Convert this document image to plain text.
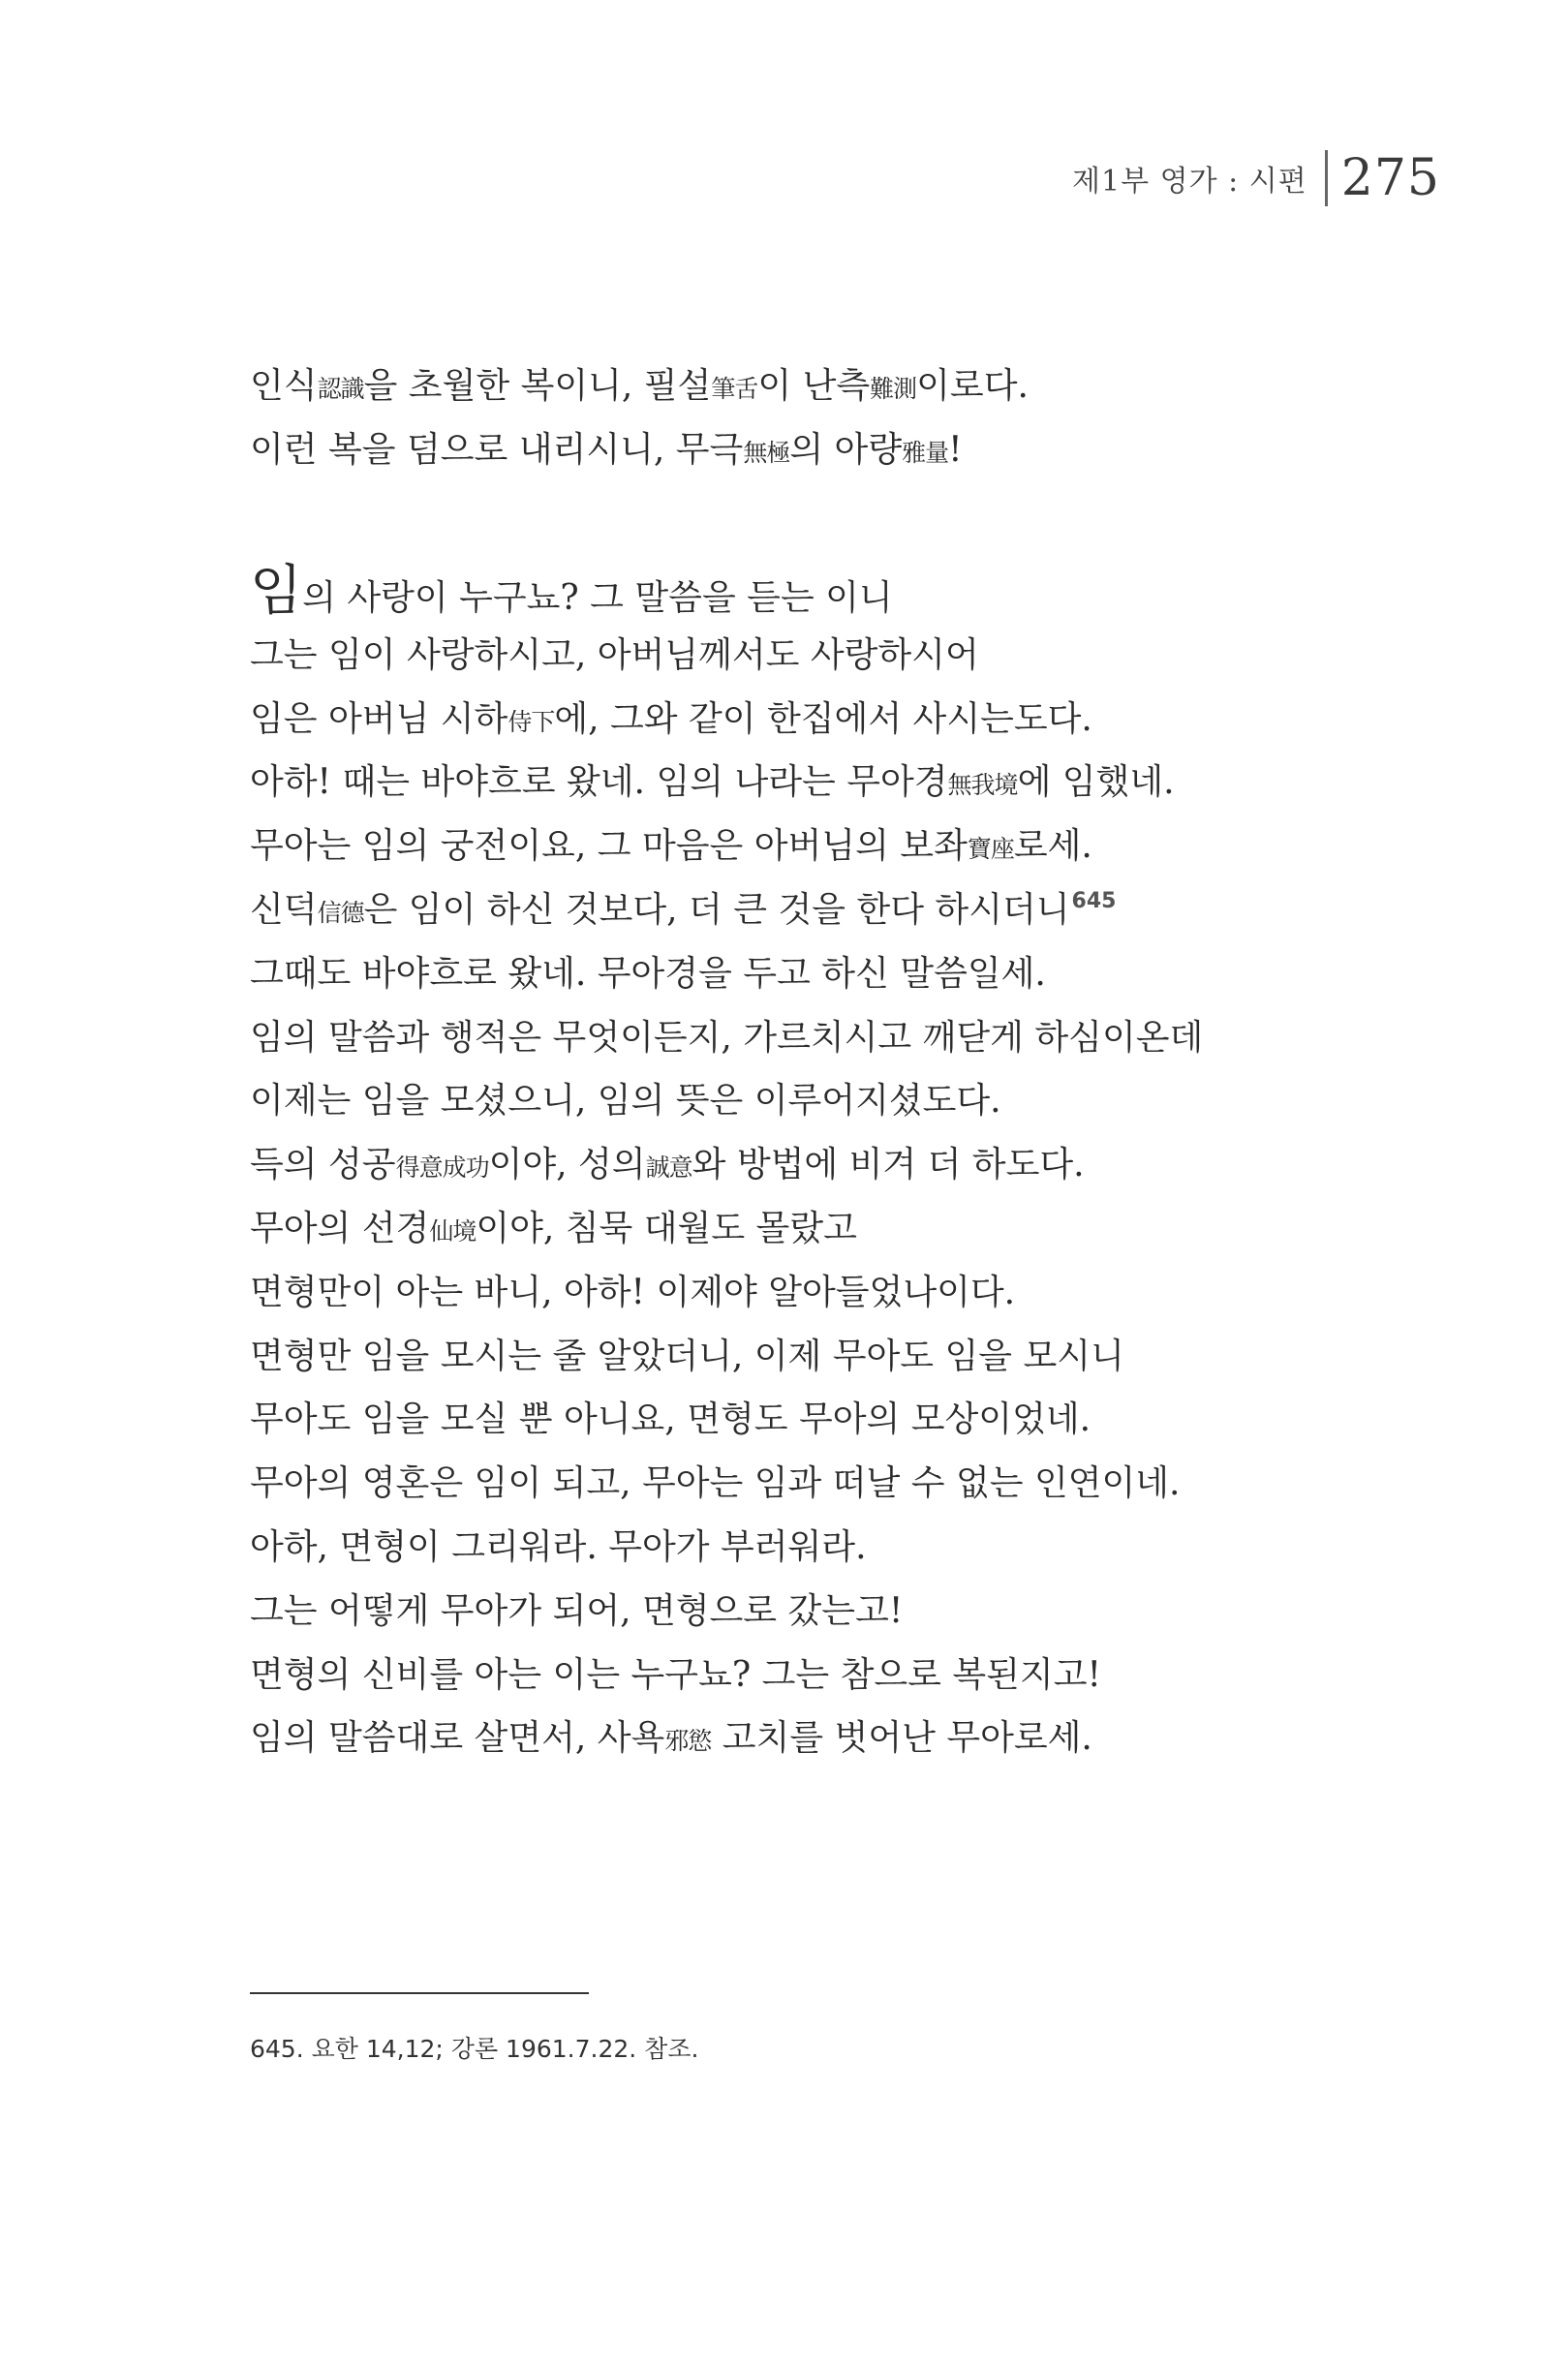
제1부 영가 : 시편 275
인식認識을 초월한 복이니, 필설筆舌이 난측難測이로다.
이런 복을 덤으로 내리시니, 무극無極의 아량雅量!
임의 사랑이 누구뇨? 그 말씀을 듣는 이니
그는 임이 사랑하시고, 아버님께서도 사랑하시어
임은 아버님 시하侍下에, 그와 같이 한집에서 사시는도다.
아하! 때는 바야흐로 왔네. 임의 나라는 무아경無我境에 임했네.
무아는 임의 궁전이요, 그 마음은 아버님의 보좌寶座로세.
신덕信德은 임이 하신 것보다, 더 큰 것을 한다 하시더니$^{645}$
그때도 바야흐로 왔네. 무아경을 두고 하신 말씀일세.
임의 말씀과 행적은 무엇이든지, 가르치시고 깨닫게 하심이온데
이제는 임을 모셨으니, 임의 뜻은 이루어지셨도다.
득의 성공得意成功이야, 성의誠意와 방법에 비겨 더 하도다.
무아의 선경仙境이야, 침묵 대월도 몰랐고
면형만이 아는 바니, 아하! 이제야 알아들었나이다.
면형만 임을 모시는 줄 알았더니, 이제 무아도 임을 모시니
무아도 임을 모실 뿐 아니요, 면형도 무아의 모상이었네.
무아의 영혼은 임이 되고, 무아는 임과 떠날 수 없는 인연이네.
아하, 면형이 그리워라. 무아가 부러워라.
그는 어떻게 무아가 되어, 면형으로 갔는고!
면형의 신비를 아는 이는 누구뇨? 그는 참으로 복된지고!
임의 말씀대로 살면서, 사욕邪慾 고치를 벗어난 무아로세.
645. 요한 14,12; 강론 1961.7.22. 참조.
